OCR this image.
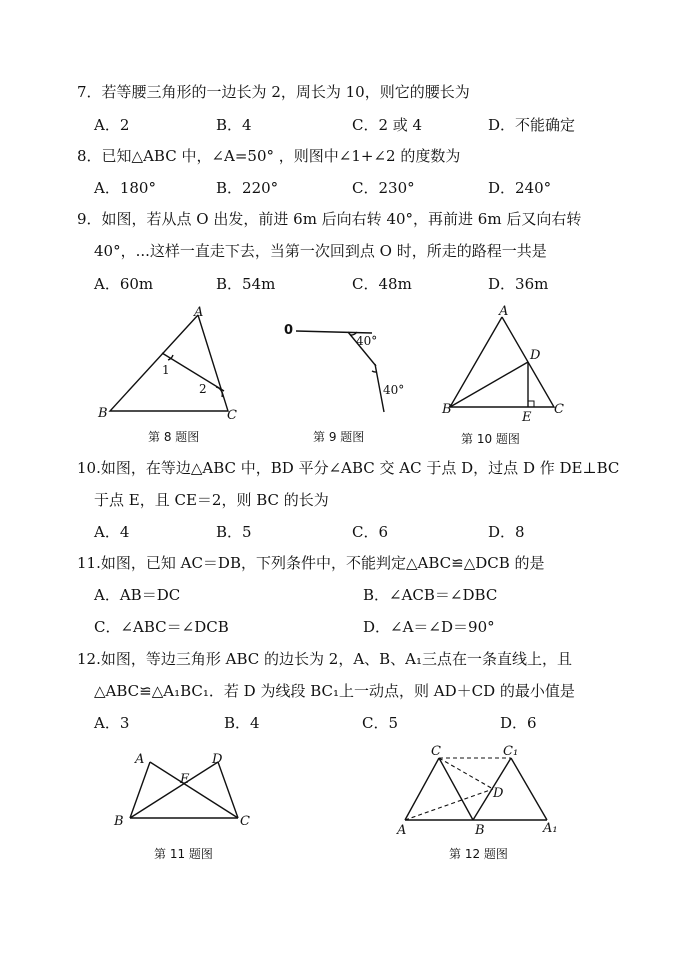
7．若等腰三角形的一边长为 2，周长为 10，则它的腰长为
A．2	B．4	C．2 或 4	D．不能确定
8．已知△ABC 中，∠A=50° ，则图中∠1+∠2 的度数为
A．180°	B．220°	C．230°	D．240°
9．如图，若从点 O 出发，前进 6m 后向右转 40°，再前进 6m 后又向右转
40°，...这样一直走下去，当第一次回到点 O 时，所走的路程一共是
A．60m	B．54m	C．48m	D．36m
A
B	C
1
2
第 8 题图
0
40°
40°
第 9 题图
A
B	C
D
E
第 10 题图
10.如图，在等边△ABC 中，BD 平分∠ABC 交 AC 于点 D，过点 D 作 DE⊥BC
于点 E，且 CE＝2，则 BC 的长为
A．4	B．5	C．6	D．8
11.如图，已知 AC＝DB，下列条件中，不能判定△ABC≌△DCB 的是
A．AB＝DC	B．∠ACB＝∠DBC
C．∠ABC＝∠DCB	D．∠A＝∠D＝90°
12.如图，等边三角形 ABC 的边长为 2，A、B、A₁三点在一条直线上，且
△ABC≌△A₁BC₁．若 D 为线段 BC₁上一动点，则 AD＋CD 的最小值是
A．3	B．4	C．5	D．6
A
B	C
D
E
第 11 题图
C	C₁
D
A	B	A₁
第 12 题图
